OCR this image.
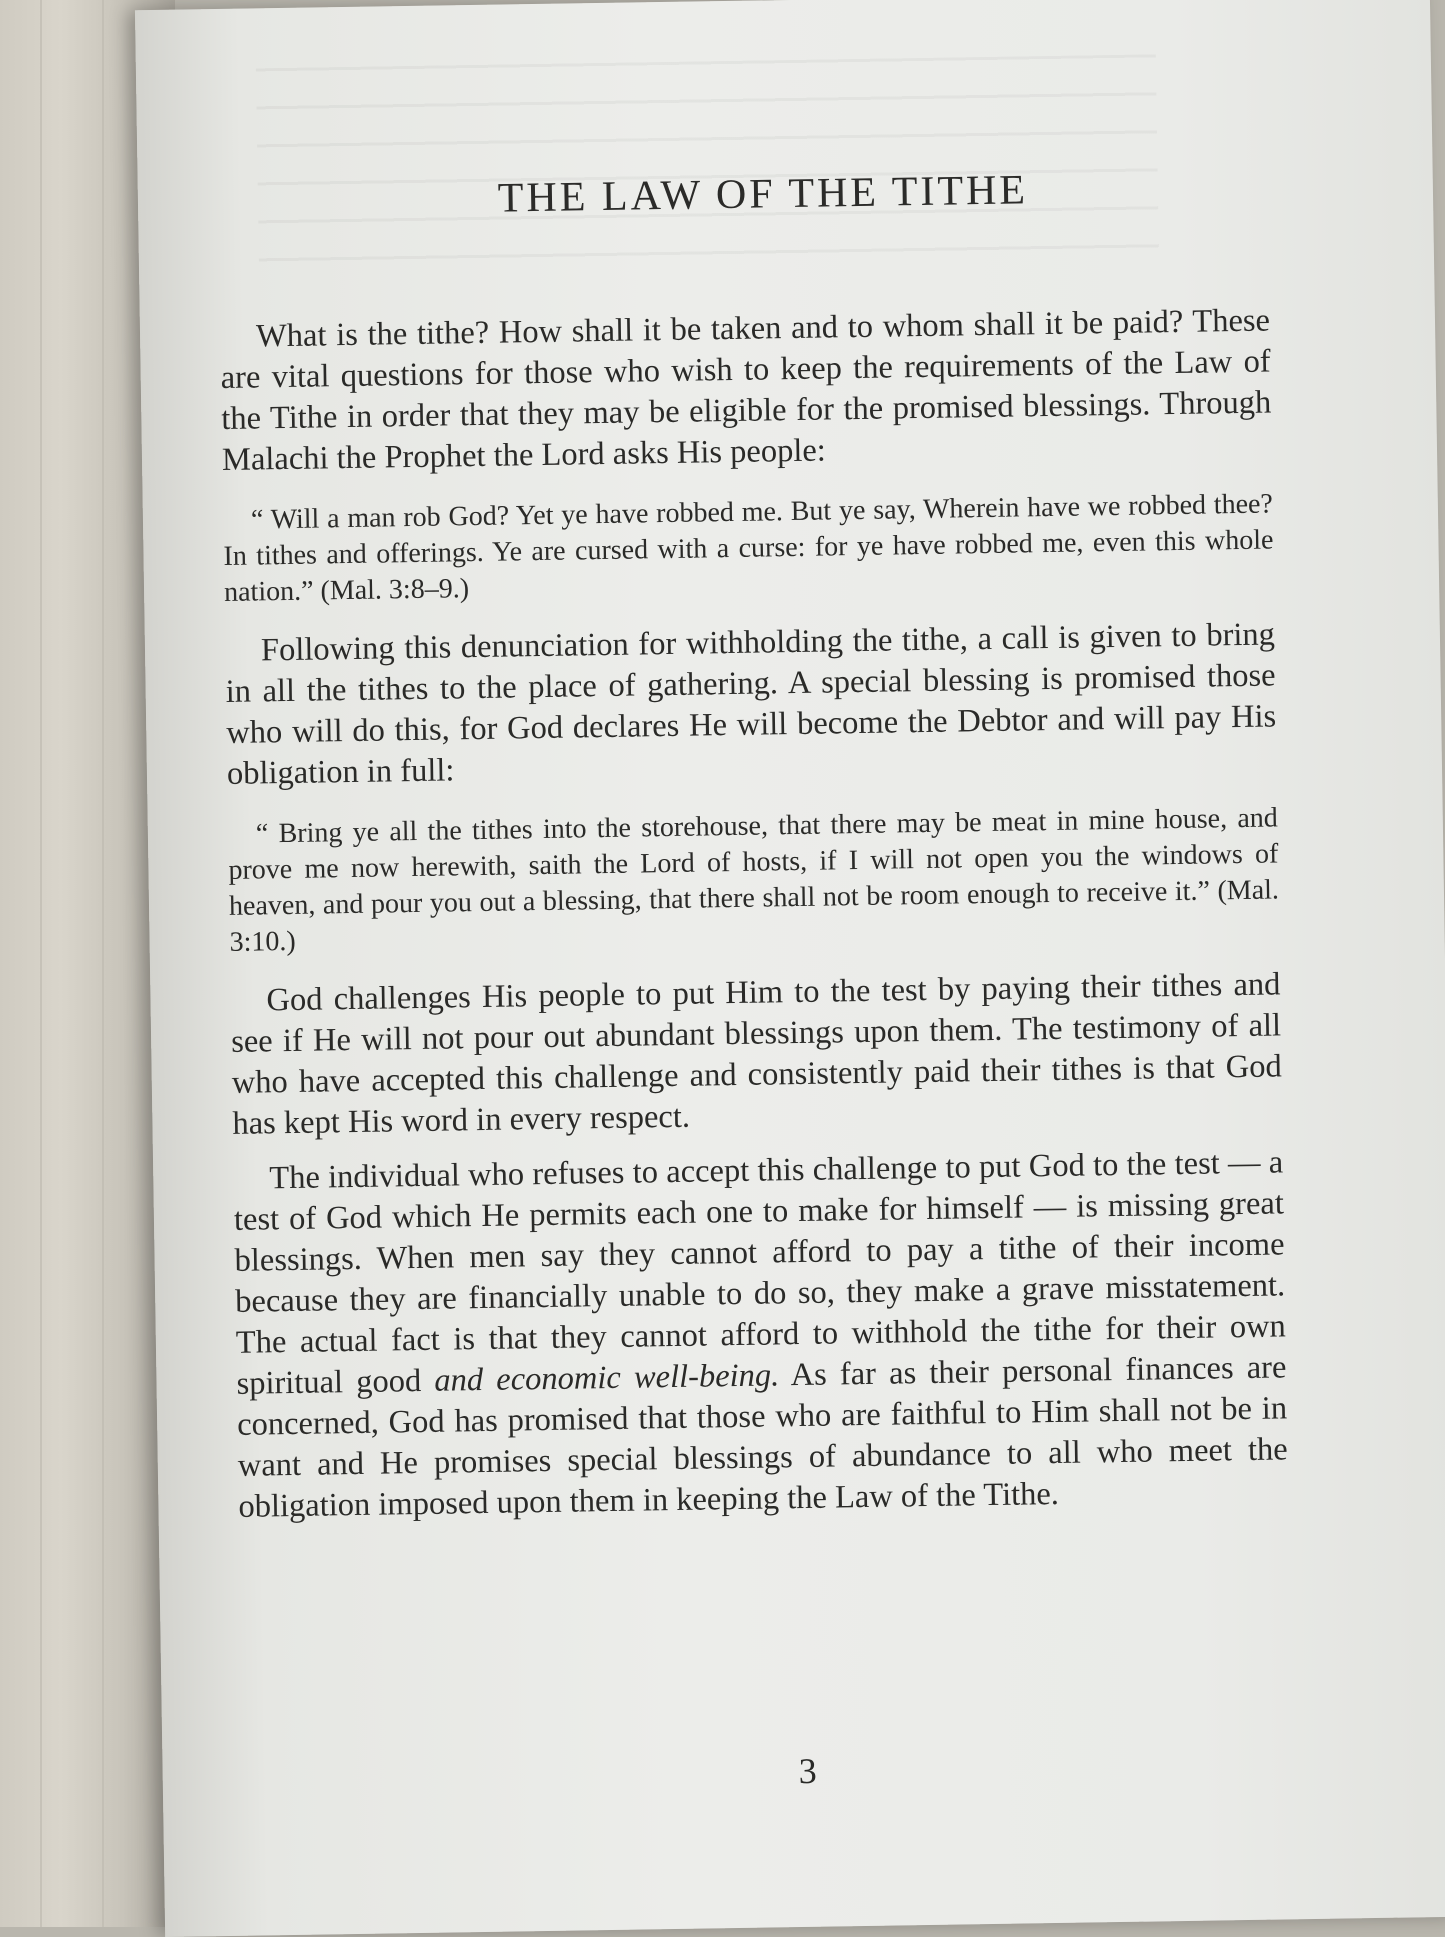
THE LAW OF THE TITHE

What is the tithe? How shall it be taken and to whom shall it be paid? These are vital questions for those who wish to keep the requirements of the Law of the Tithe in order that they may be eligible for the promised blessings. Through Malachi the Prophet the Lord asks His people:

“ Will a man rob God? Yet ye have robbed me. But ye say, Wherein have we robbed thee? In tithes and offerings. Ye are cursed with a curse: for ye have robbed me, even this whole nation.” (Mal. 3:8–9.)

Following this denunciation for withholding the tithe, a call is given to bring in all the tithes to the place of gathering. A special blessing is promised those who will do this, for God declares He will become the Debtor and will pay His obligation in full:

“ Bring ye all the tithes into the storehouse, that there may be meat in mine house, and prove me now herewith, saith the Lord of hosts, if I will not open you the windows of heaven, and pour you out a blessing, that there shall not be room enough to receive it.” (Mal. 3:10.)

God challenges His people to put Him to the test by paying their tithes and see if He will not pour out abundant blessings upon them. The testimony of all who have accepted this challenge and consistently paid their tithes is that God has kept His word in every respect.

The individual who refuses to accept this challenge to put God to the test — a test of God which He permits each one to make for himself — is missing great blessings. When men say they cannot afford to pay a tithe of their income because they are financially unable to do so, they make a grave misstatement. The actual fact is that they cannot afford to withhold the tithe for their own spiritual good and economic well-being. As far as their personal finances are concerned, God has promised that those who are faithful to Him shall not be in want and He promises special blessings of abundance to all who meet the obligation imposed upon them in keeping the Law of the Tithe.

3
